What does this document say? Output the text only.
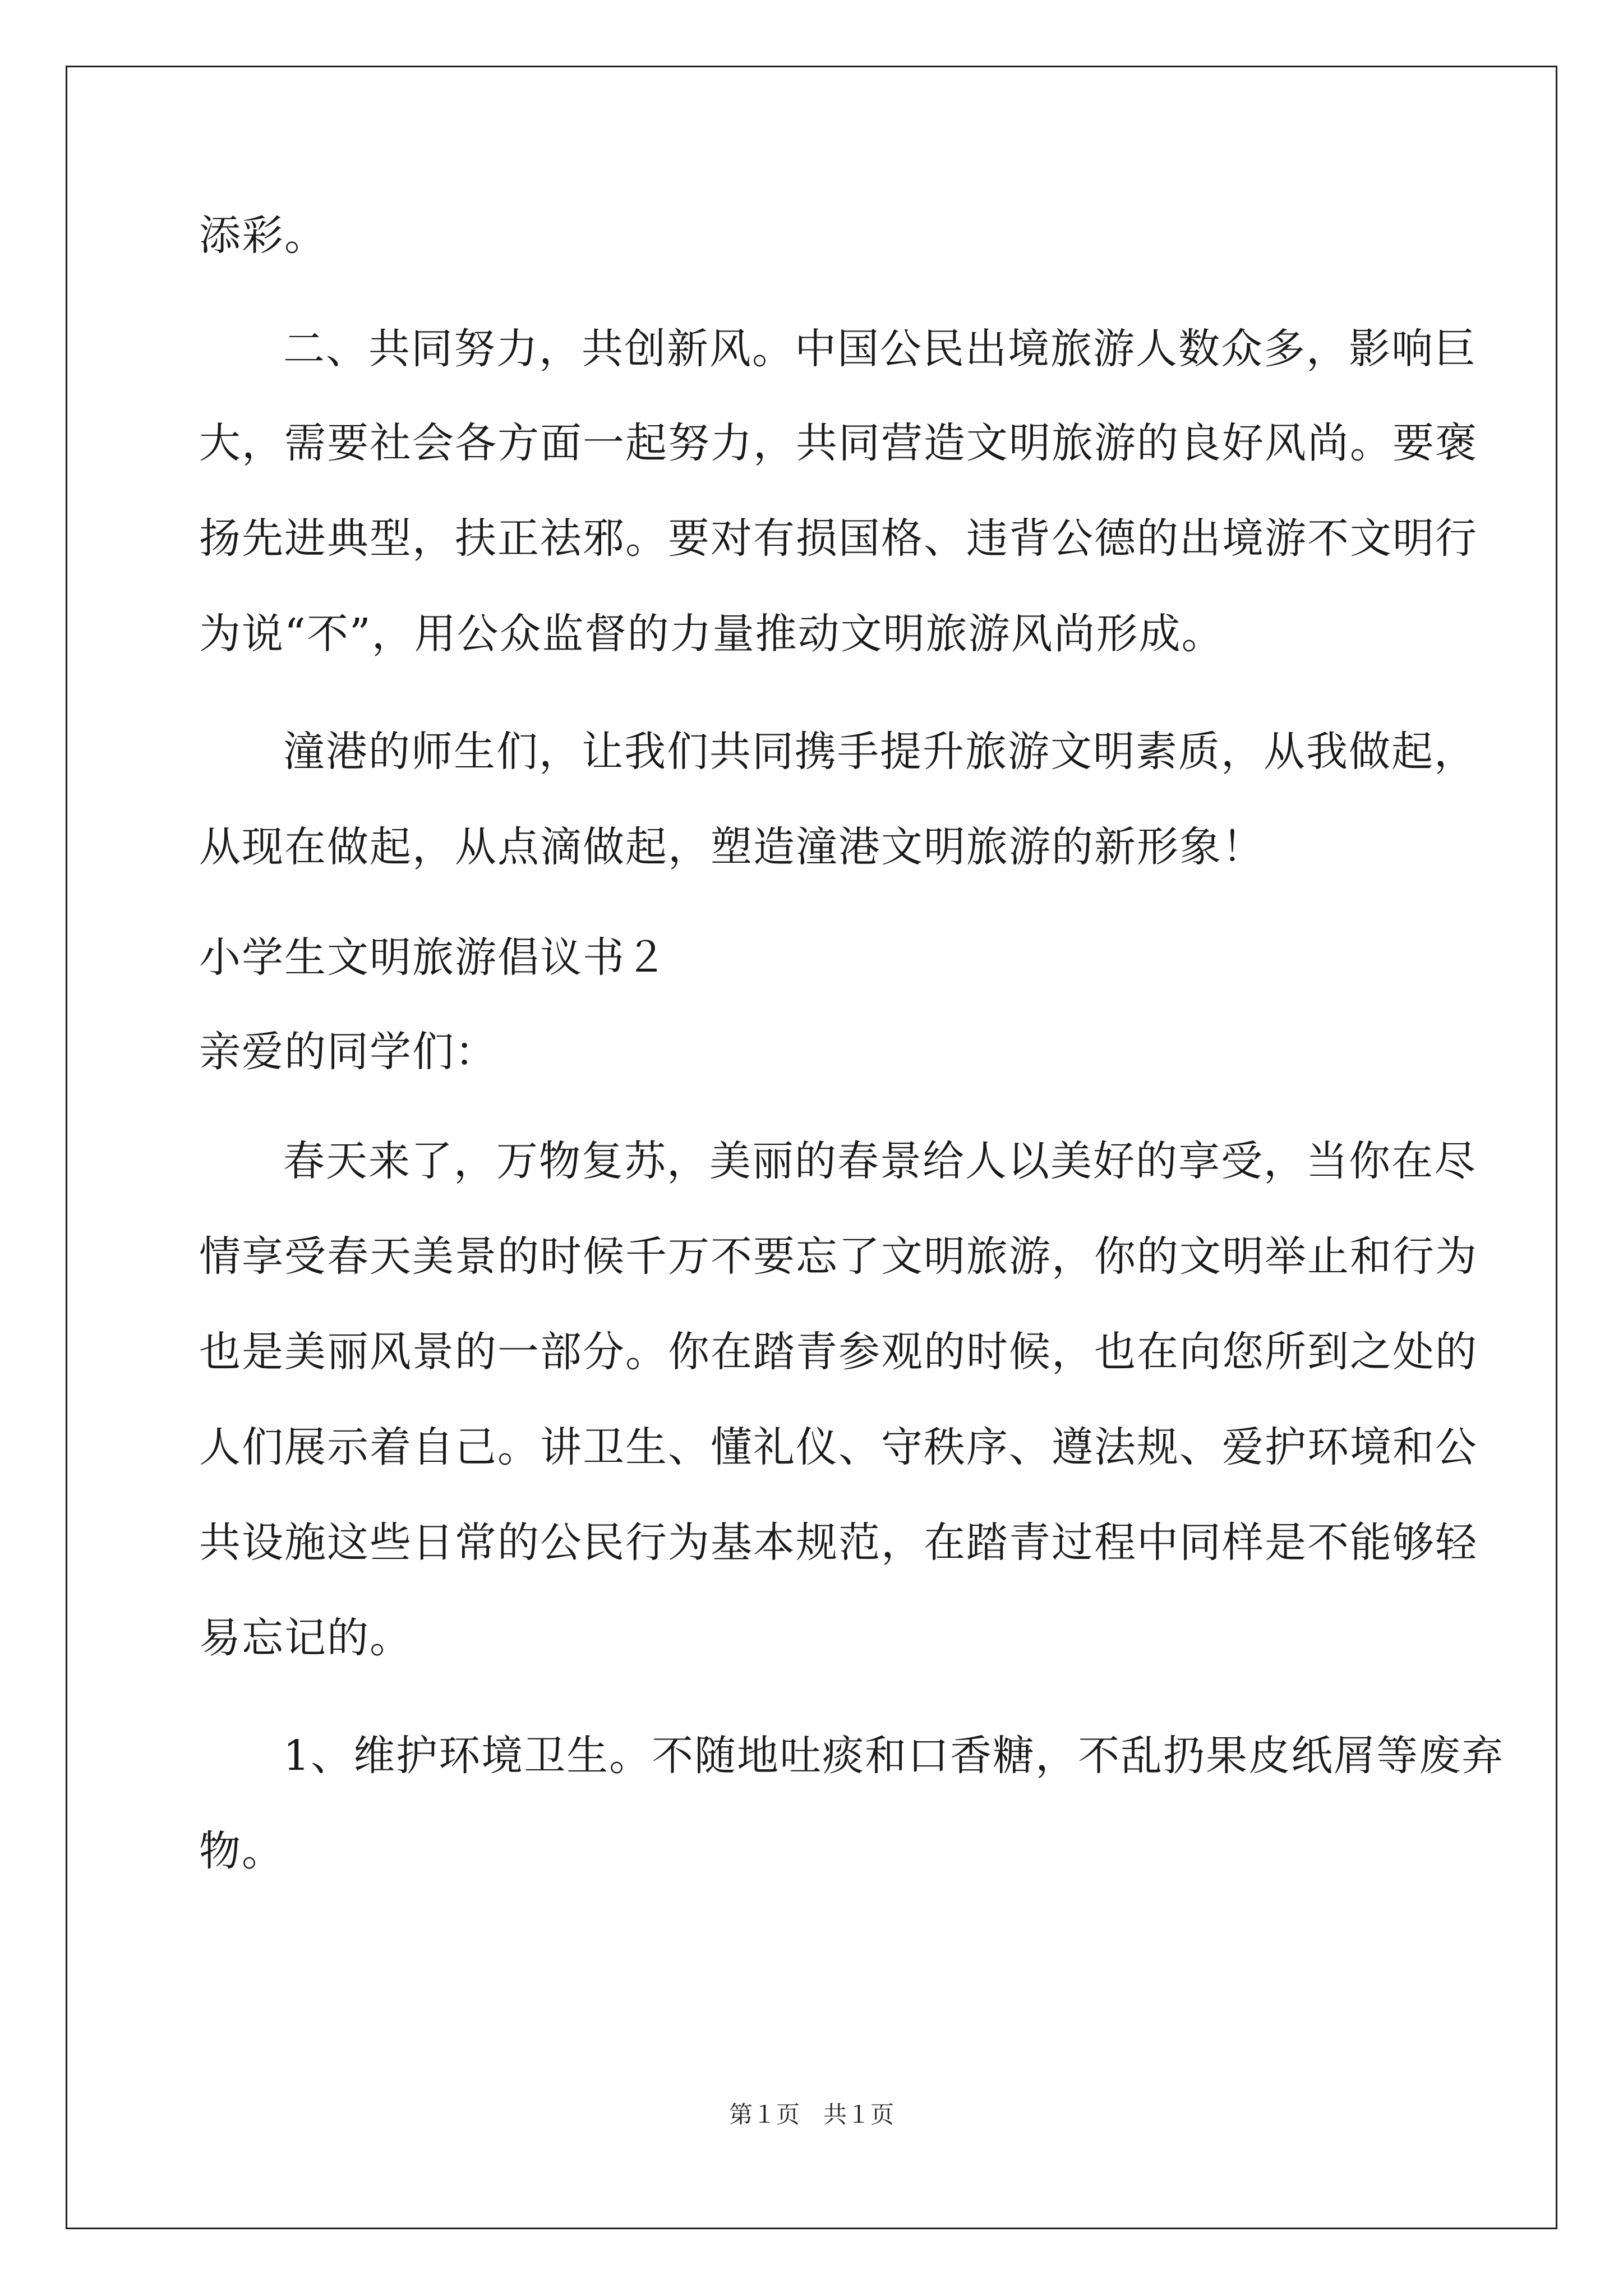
添彩。
二、共同努力，共创新风。中国公民出境旅游人数众多，影响巨
大，需要社会各方面一起努力，共同营造文明旅游的良好风尚。要褒
扬先进典型，扶正祛邪。要对有损国格、违背公德的出境游不文明行
为说“不”，用公众监督的力量推动文明旅游风尚形成。
潼港的师生们，让我们共同携手提升旅游文明素质，从我做起，
从现在做起，从点滴做起，塑造潼港文明旅游的新形象！
小学生文明旅游倡议书２
亲爱的同学们：
春天来了，万物复苏，美丽的春景给人以美好的享受，当你在尽
情享受春天美景的时候千万不要忘了文明旅游，你的文明举止和行为
也是美丽风景的一部分。你在踏青参观的时候，也在向您所到之处的
人们展示着自己。讲卫生、懂礼仪、守秩序、遵法规、爱护环境和公
共设施这些日常的公民行为基本规范，在踏青过程中同样是不能够轻
易忘记的。
1、维护环境卫生。不随地吐痰和口香糖，不乱扔果皮纸屑等废弃
物。
第１页　共１页
